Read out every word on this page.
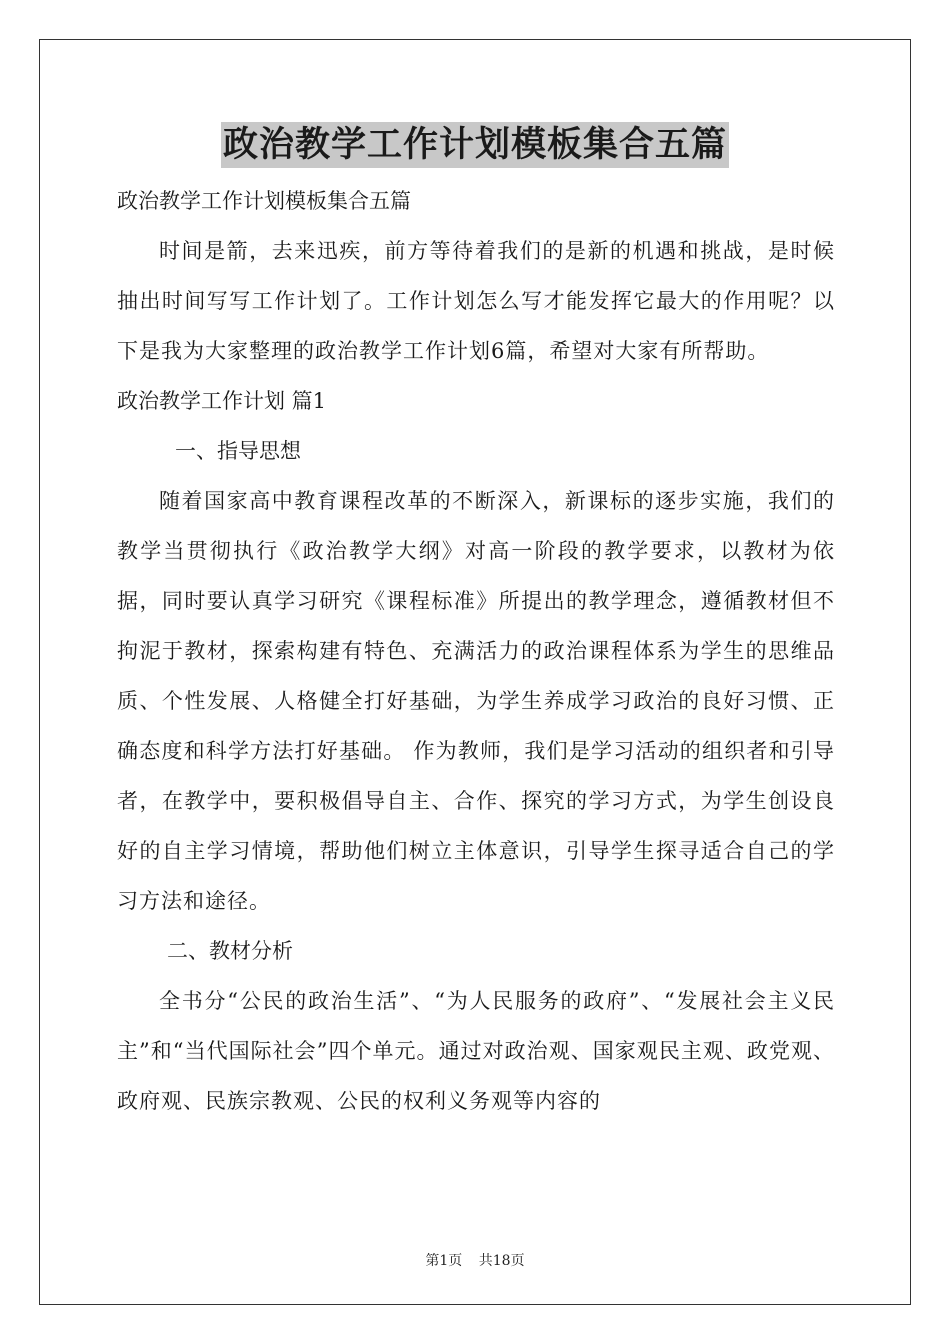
政治教学工作计划模板集合五篇
政治教学工作计划模板集合五篇
时间是箭，去来迅疾，前方等待着我们的是新的机遇和挑战，是时候抽出时间写写工作计划了。工作计划怎么写才能发挥它最大的作用呢？以下是我为大家整理的政治教学工作计划6篇，希望对大家有所帮助。
政治教学工作计划 篇1
一、指导思想
随着国家高中教育课程改革的不断深入，新课标的逐步实施，我们的教学当贯彻执行《政治教学大纲》对高一阶段的教学要求，以教材为依据，同时要认真学习研究《课程标准》所提出的教学理念，遵循教材但不拘泥于教材，探索构建有特色、充满活力的政治课程体系为学生的思维品质、个性发展、人格健全打好基础，为学生养成学习政治的良好习惯、正确态度和科学方法打好基础。 作为教师，我们是学习活动的组织者和引导者，在教学中，要积极倡导自主、合作、探究的学习方式，为学生创设良好的自主学习情境，帮助他们树立主体意识，引导学生探寻适合自己的学习方法和途径。
二、教材分析
全书分“公民的政治生活”、“为人民服务的政府”、“发展社会主义民主”和“当代国际社会”四个单元。通过对政治观、国家观民主观、政党观、政府观、民族宗教观、公民的权利义务观等内容的
第1页 共18页
